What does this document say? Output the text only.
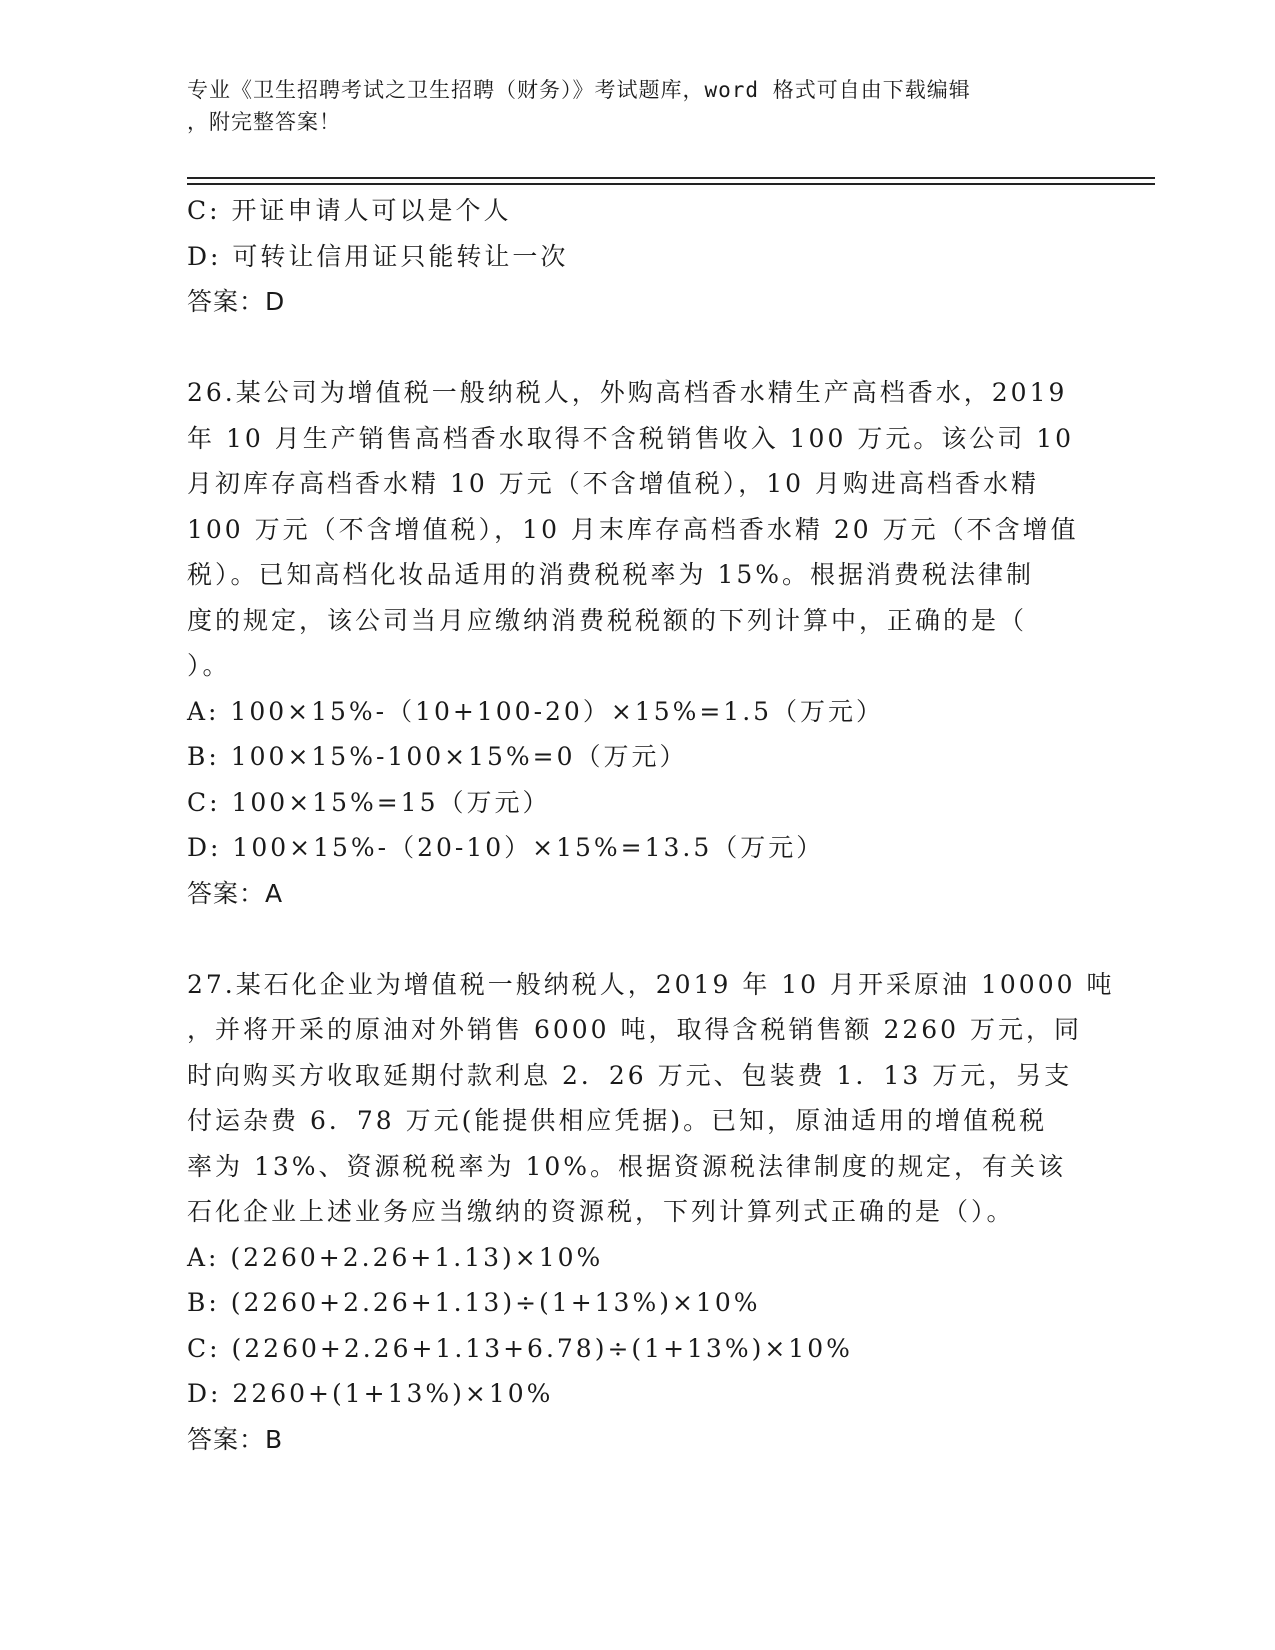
专业《卫生招聘考试之卫生招聘（财务）》考试题库，word 格式可自由下载编辑
，附完整答案！
C: 开证申请人可以是个人
D: 可转让信用证只能转让一次
答案：D
26.某公司为增值税一般纳税人，外购高档香水精生产高档香水，2019
年 10 月生产销售高档香水取得不含税销售收入 100 万元。该公司 10
月初库存高档香水精 10 万元（不含增值税），10 月购进高档香水精
100 万元（不含增值税），10 月末库存高档香水精 20 万元（不含增值
税）。已知高档化妆品适用的消费税税率为 15%。根据消费税法律制
度的规定，该公司当月应缴纳消费税税额的下列计算中，正确的是（
）。
A: 100×15%-（10+100-20）×15%=1.5（万元）
B: 100×15%-100×15%=0（万元）
C: 100×15%=15（万元）
D: 100×15%-（20-10）×15%=13.5（万元）
答案：A
27.某石化企业为增值税一般纳税人，2019 年 10 月开采原油 10000 吨
，并将开采的原油对外销售 6000 吨，取得含税销售额 2260 万元，同
时向购买方收取延期付款利息 2．26 万元、包装费 1．13 万元，另支
付运杂费 6．78 万元(能提供相应凭据)。已知，原油适用的增值税税
率为 13%、资源税税率为 10%。根据资源税法律制度的规定，有关该
石化企业上述业务应当缴纳的资源税，下列计算列式正确的是（）。
A: (2260+2.26+1.13)×10%
B: (2260+2.26+1.13)÷(1+13%)×10%
C: (2260+2.26+1.13+6.78)÷(1+13%)×10%
D: 2260+(1+13%)×10%
答案：B
